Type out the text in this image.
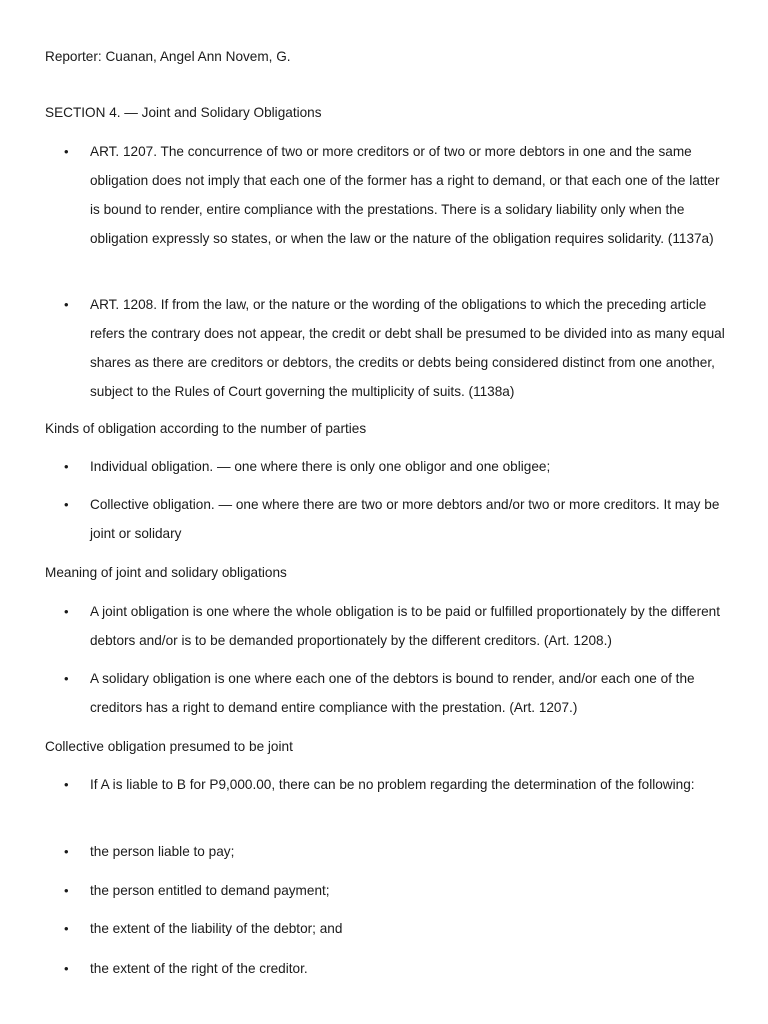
Reporter: Cuanan, Angel Ann Novem, G.
SECTION 4. — Joint and Solidary Obligations
•	ART. 1207. The concurrence of two or more creditors or of two or more debtors in one and the same obligation does not imply that each one of the former has a right to demand, or that each one of the latter is bound to render, entire compliance with the prestations. There is a solidary liability only when the obligation expressly so states, or when the law or the nature of the obligation requires solidarity. (1137a)
•	ART. 1208. If from the law, or the nature or the wording of the obligations to which the preceding article refers the contrary does not appear, the credit or debt shall be presumed to be divided into as many equal shares as there are creditors or debtors, the credits or debts being considered distinct from one another, subject to the Rules of Court governing the multiplicity of suits. (1138a)
Kinds of obligation according to the number of parties
•	Individual obligation. — one where there is only one obligor and one obligee;
•	Collective obligation. — one where there are two or more debtors and/or two or more creditors. It may be joint or solidary
Meaning of joint and solidary obligations
•	A joint obligation is one where the whole obligation is to be paid or fulfilled proportionately by the different debtors and/or is to be demanded proportionately by the different creditors. (Art. 1208.)
•	A solidary obligation is one where each one of the debtors is bound to render, and/or each one of the creditors has a right to demand entire compliance with the prestation. (Art. 1207.)
Collective obligation presumed to be joint
•	If A is liable to B for P9,000.00, there can be no problem regarding the determination of the following:
•	the person liable to pay;
•	the person entitled to demand payment;
•	the extent of the liability of the debtor; and
•	the extent of the right of the creditor.
